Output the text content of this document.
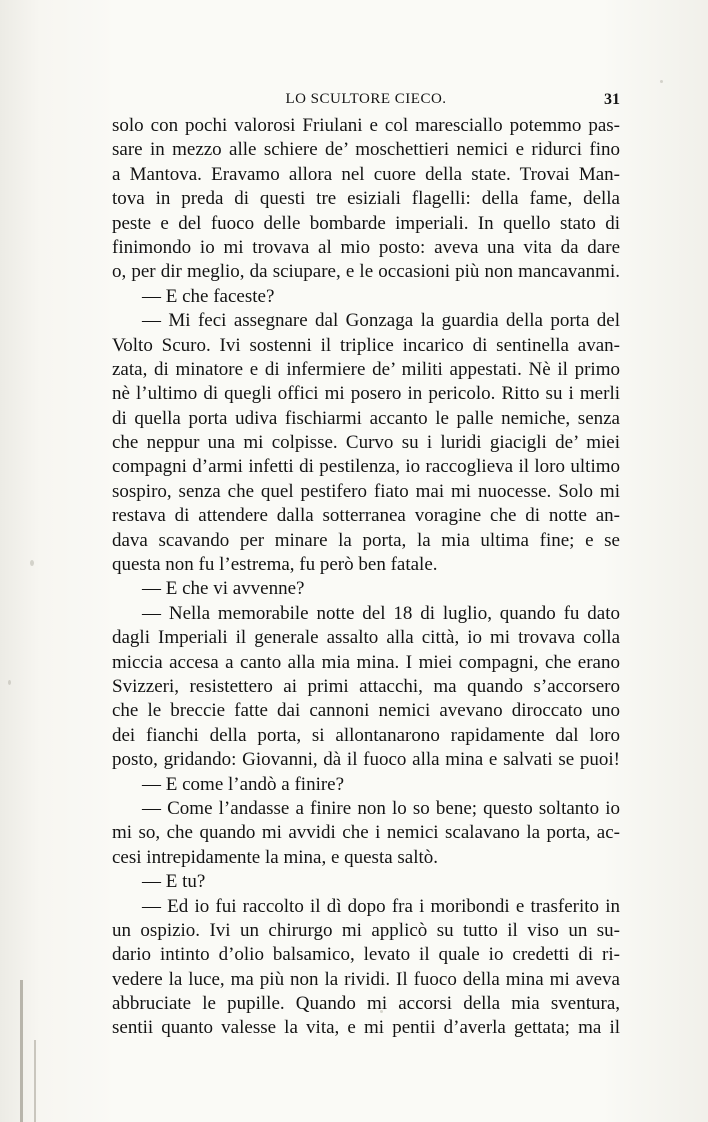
LO SCULTORE CIECO.	31
solo con pochi valorosi Friulani e col maresciallo potemmo pas-
sare in mezzo alle schiere de’ moschettieri nemici e ridurci fino
a Mantova. Eravamo allora nel cuore della state. Trovai Man-
tova in preda di questi tre esiziali flagelli: della fame, della
peste e del fuoco delle bombarde imperiali. In quello stato di
finimondo io mi trovava al mio posto: aveva una vita da dare
o, per dir meglio, da sciupare, e le occasioni più non mancavanmi.
— E che faceste?
— Mi feci assegnare dal Gonzaga la guardia della porta del
Volto Scuro. Ivi sostenni il triplice incarico di sentinella avan-
zata, di minatore e di infermiere de’ militi appestati. Nè il primo
nè l’ultimo di quegli offici mi posero in pericolo. Ritto su i merli
di quella porta udiva fischiarmi accanto le palle nemiche, senza
che neppur una mi colpisse. Curvo su i luridi giacigli de’ miei
compagni d’armi infetti di pestilenza, io raccoglieva il loro ultimo
sospiro, senza che quel pestifero fiato mai mi nuocesse. Solo mi
restava di attendere dalla sotterranea voragine che di notte an-
dava scavando per minare la porta, la mia ultima fine; e se
questa non fu l’estrema, fu però ben fatale.
— E che vi avvenne?
— Nella memorabile notte del 18 di luglio, quando fu dato
dagli Imperiali il generale assalto alla città, io mi trovava colla
miccia accesa a canto alla mia mina. I miei compagni, che erano
Svizzeri, resistettero ai primi attacchi, ma quando s’accorsero
che le breccie fatte dai cannoni nemici avevano diroccato uno
dei fianchi della porta, si allontanarono rapidamente dal loro
posto, gridando: Giovanni, dà il fuoco alla mina e salvati se puoi!
— E come l’andò a finire?
— Come l’andasse a finire non lo so bene; questo soltanto io
mi so, che quando mi avvidi che i nemici scalavano la porta, ac-
cesi intrepidamente la mina, e questa saltò.
— E tu?
— Ed io fui raccolto il dì dopo fra i moribondi e trasferito in
un ospizio. Ivi un chirurgo mi applicò su tutto il viso un su-
dario intinto d’olio balsamico, levato il quale io credetti di ri-
vedere la luce, ma più non la rividi. Il fuoco della mina mi aveva
abbruciate le pupille. Quando mi accorsi della mia sventura,
sentii quanto valesse la vita, e mi pentii d’averla gettata; ma il
